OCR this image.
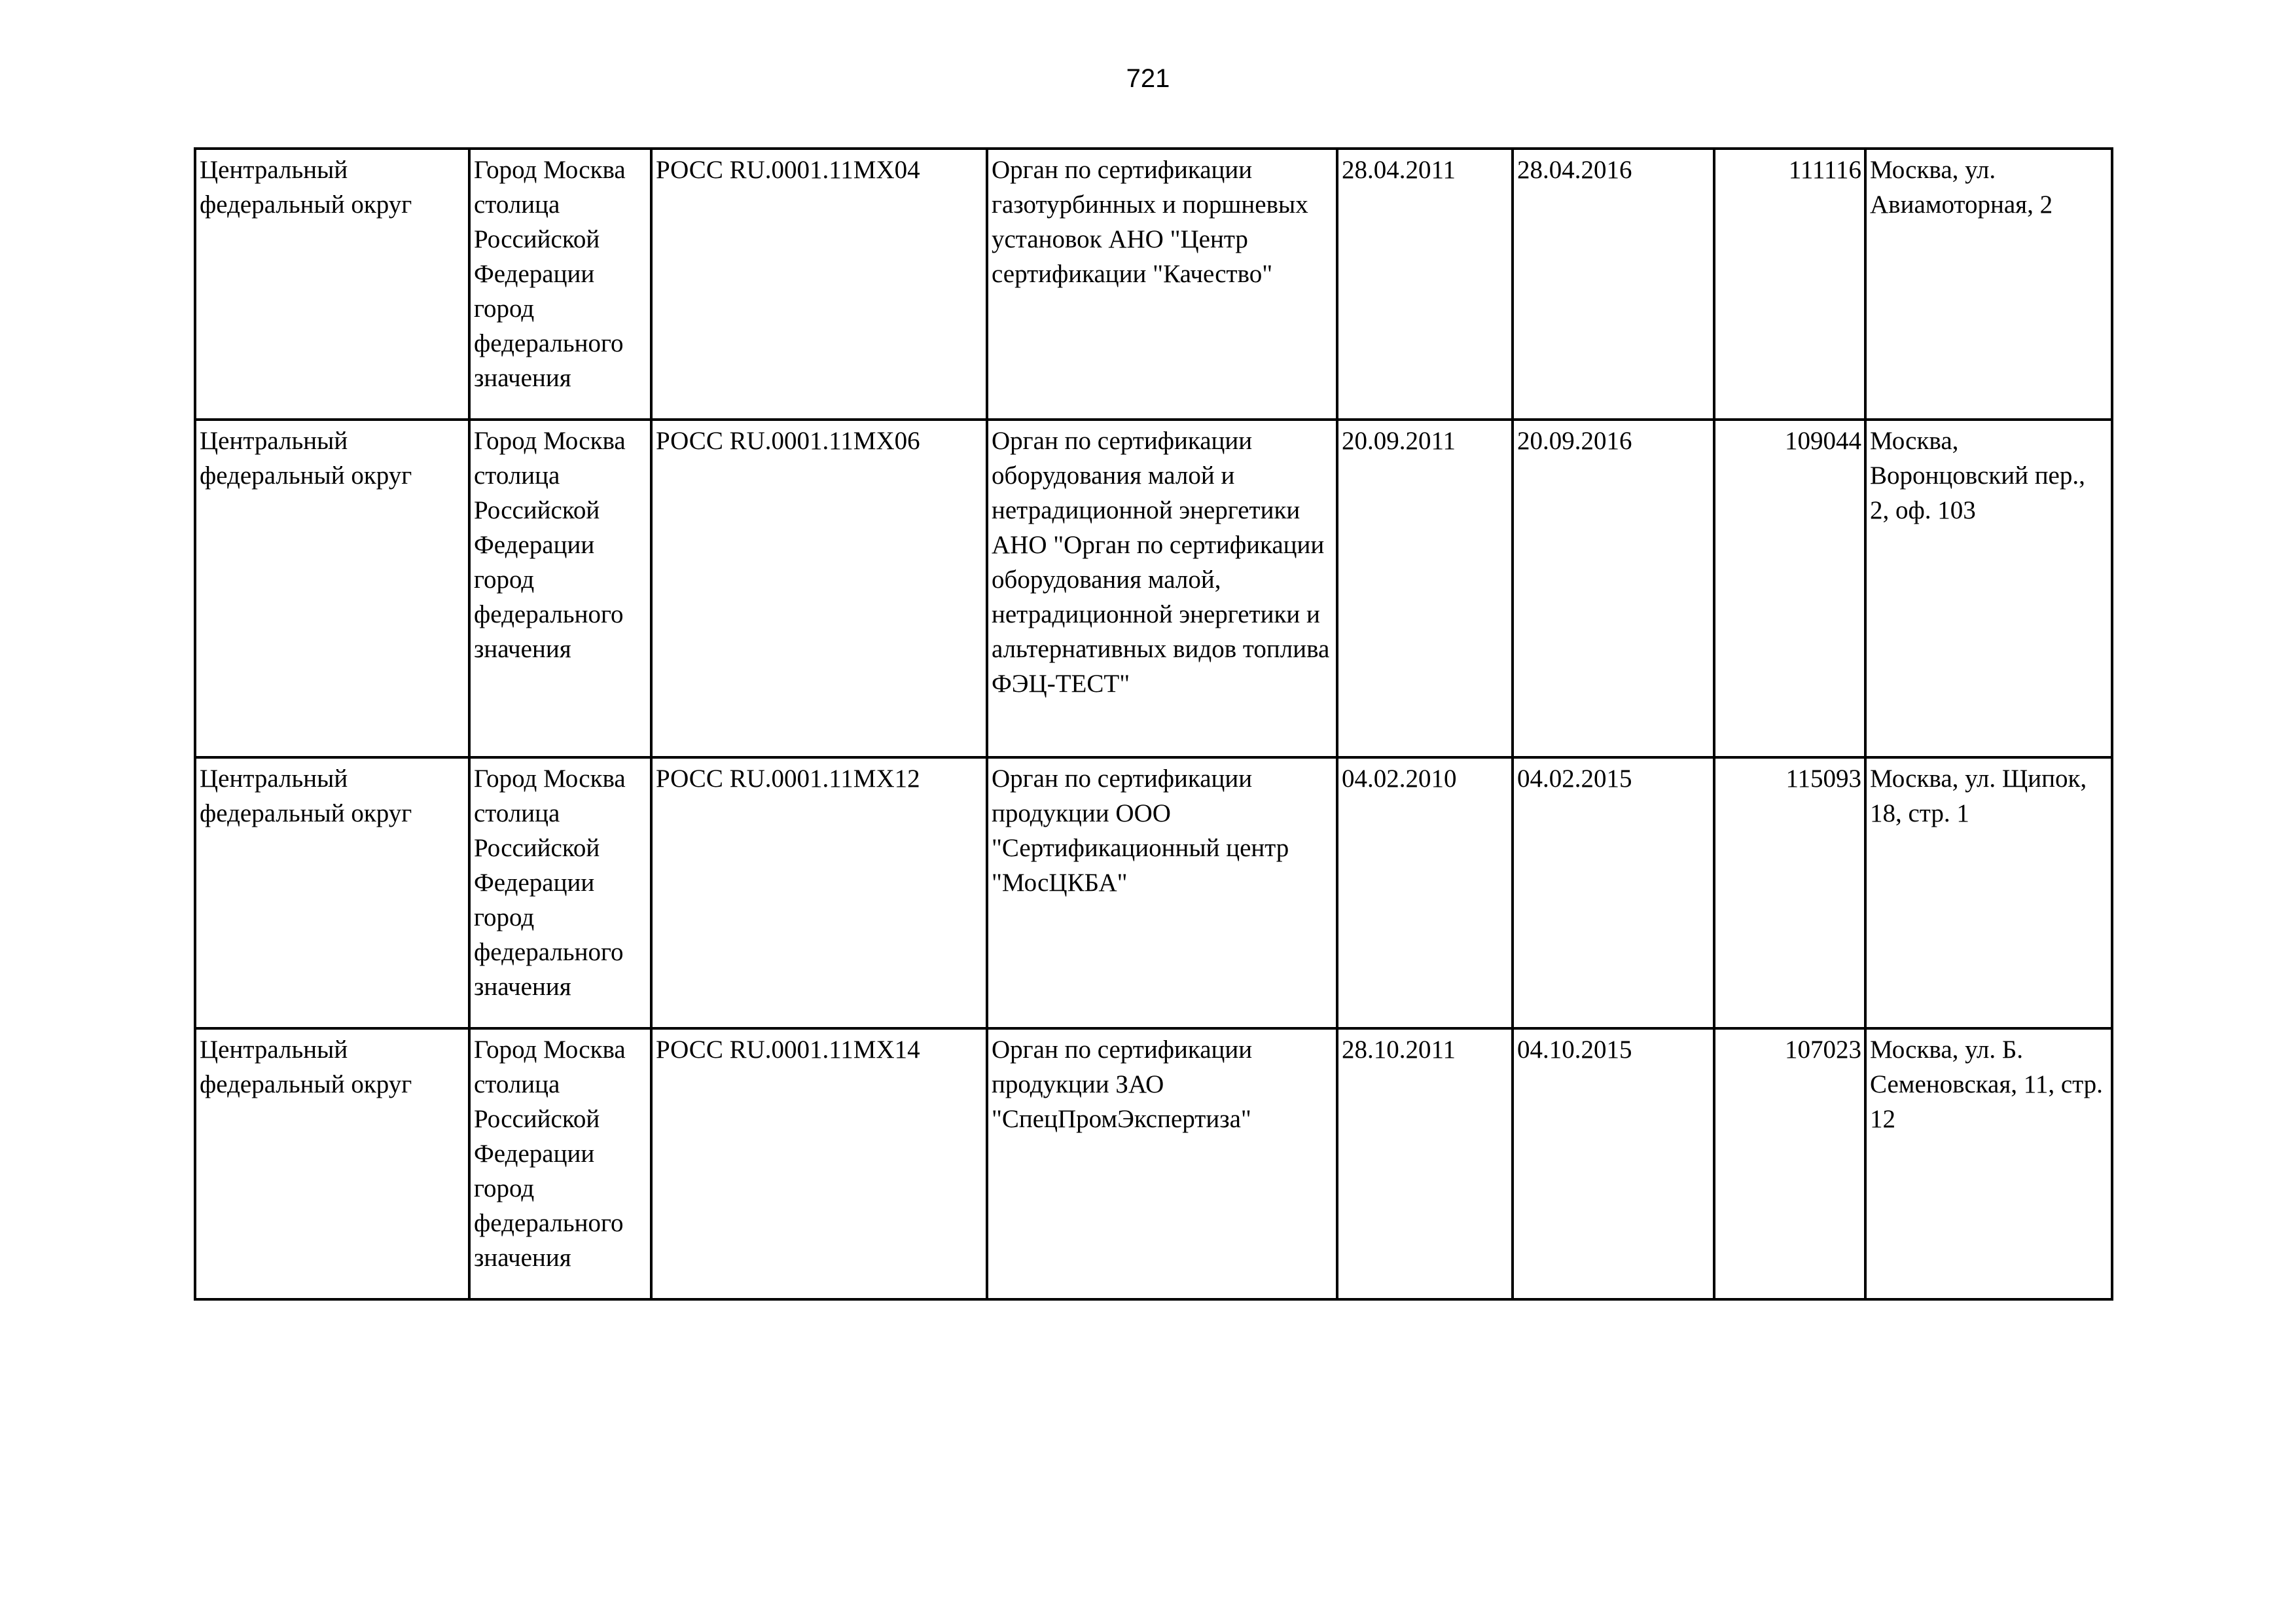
721
Центральный федеральный округ	Город Москва столица Российской Федерации город федерального значения	РОСС RU.0001.11МХ04	Орган по сертификации газотурбинных и поршневых установок АНО "Центр сертификации "Качество"	28.04.2011	28.04.2016	111116	Москва, ул. Авиамоторная, 2

Центральный федеральный округ	Город Москва столица Российской Федерации город федерального значения	РОСС RU.0001.11МХ06	Орган по сертификации оборудования малой и нетрадиционной энергетики АНО "Орган по сертификации оборудования малой, нетрадиционной энергетики и альтернативных видов топлива ФЭЦ-ТЕСТ"	20.09.2011	20.09.2016	109044	Москва, Воронцовский пер., 2, оф. 103

Центральный федеральный округ	Город Москва столица Российской Федерации город федерального значения	РОСС RU.0001.11МХ12	Орган по сертификации продукции ООО "Сертификационный центр "МосЦКБА"	04.02.2010	04.02.2015	115093	Москва, ул. Щипок, 18, стр. 1

Центральный федеральный округ	Город Москва столица Российской Федерации город федерального значения	РОСС RU.0001.11МХ14	Орган по сертификации продукции ЗАО "СпецПромЭкспертиза"	28.10.2011	04.10.2015	107023	Москва, ул. Б. Семеновская, 11, стр. 12
